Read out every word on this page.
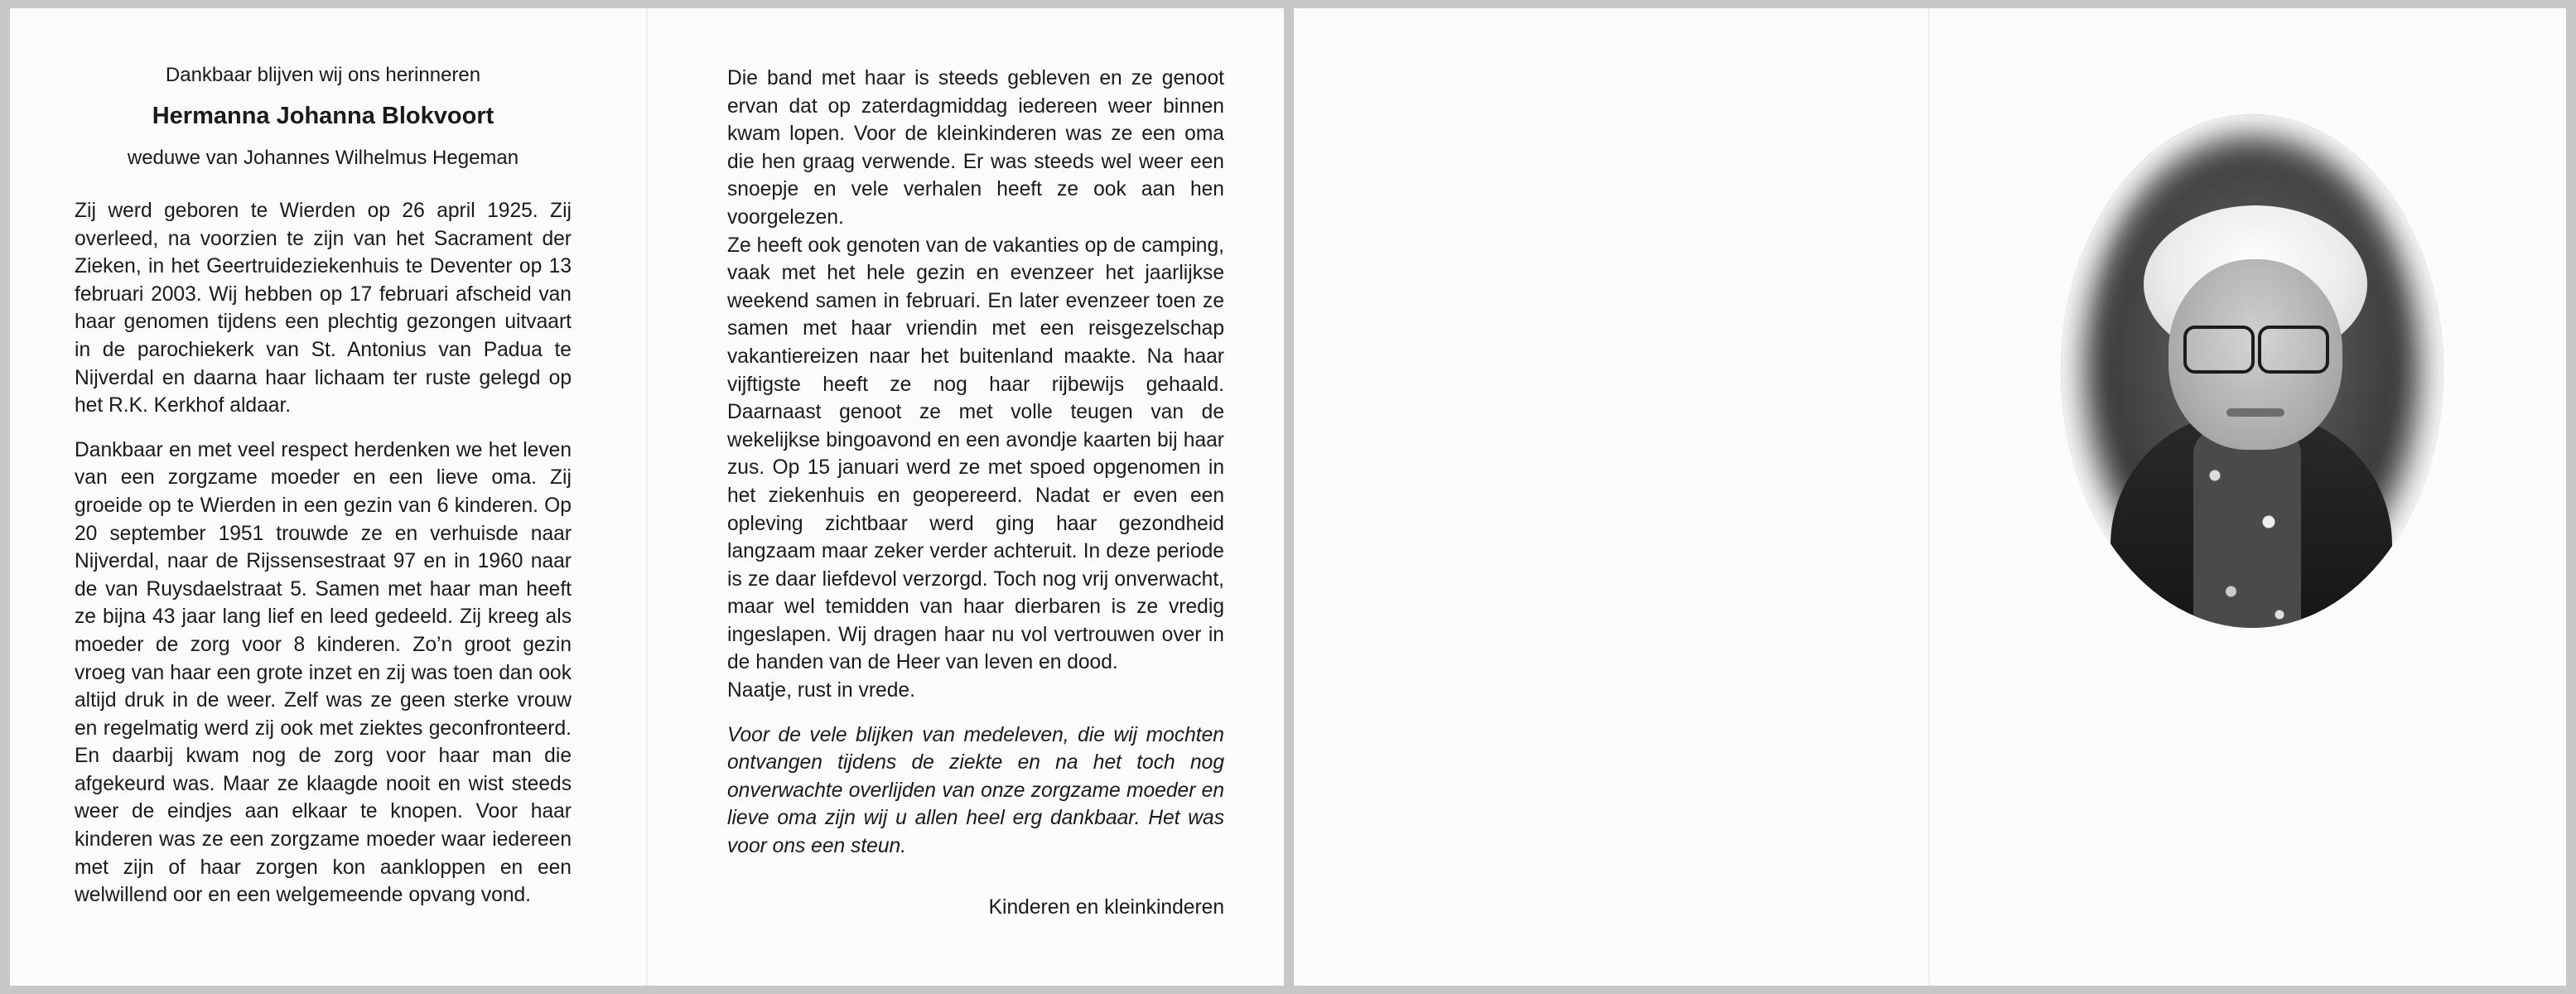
Dankbaar blijven wij ons herinneren

Hermanna Johanna Blokvoort

weduwe van Johannes Wilhelmus Hegeman

Zij werd geboren te Wierden op 26 april 1925. Zij overleed, na voorzien te zijn van het Sacrament der Zieken, in het Geertruideziekenhuis te Deventer op 13 februari 2003. Wij hebben op 17 februari afscheid van haar genomen tijdens een plechtig gezongen uitvaart in de parochiekerk van St. Antonius van Padua te Nijverdal en daarna haar lichaam ter ruste gelegd op het R.K. Kerkhof aldaar.

Dankbaar en met veel respect herdenken we het leven van een zorgzame moeder en een lieve oma. Zij groeide op te Wierden in een gezin van 6 kinderen. Op 20 september 1951 trouwde ze en verhuisde naar Nijverdal, naar de Rijssensestraat 97 en in 1960 naar de van Ruysdaelstraat 5. Samen met haar man heeft ze bijna 43 jaar lang lief en leed gedeeld. Zij kreeg als moeder de zorg voor 8 kinderen. Zo’n groot gezin vroeg van haar een grote inzet en zij was toen dan ook altijd druk in de weer. Zelf was ze geen sterke vrouw en regelmatig werd zij ook met ziektes geconfronteerd. En daarbij kwam nog de zorg voor haar man die afgekeurd was. Maar ze klaagde nooit en wist steeds weer de eindjes aan elkaar te knopen. Voor haar kinderen was ze een zorgzame moeder waar iedereen met zijn of haar zorgen kon aankloppen en een welwillend oor en een welgemeende opvang vond.

Die band met haar is steeds gebleven en ze genoot ervan dat op zaterdagmiddag iedereen weer binnen kwam lopen. Voor de kleinkinderen was ze een oma die hen graag verwende. Er was steeds wel weer een snoepje en vele verhalen heeft ze ook aan hen voorgelezen.

Ze heeft ook genoten van de vakanties op de camping, vaak met het hele gezin en evenzeer het jaarlijkse weekend samen in februari. En later evenzeer toen ze samen met haar vriendin met een reisgezelschap vakantiereizen naar het buitenland maakte. Na haar vijftigste heeft ze nog haar rijbewijs gehaald. Daarnaast genoot ze met volle teugen van de wekelijkse bingoavond en een avondje kaarten bij haar zus. Op 15 januari werd ze met spoed opgenomen in het ziekenhuis en geopereerd. Nadat er even een opleving zichtbaar werd ging haar gezondheid langzaam maar zeker verder achteruit. In deze periode is ze daar liefdevol verzorgd. Toch nog vrij onverwacht, maar wel temidden van haar dierbaren is ze vredig ingeslapen. Wij dragen haar nu vol vertrouwen over in de handen van de Heer van leven en dood.

Naatje, rust in vrede.

Voor de vele blijken van medeleven, die wij mochten ontvangen tijdens de ziekte en na het toch nog onverwachte overlijden van onze zorgzame moeder en lieve oma zijn wij u allen heel erg dankbaar. Het was voor ons een steun.

Kinderen en kleinkinderen
